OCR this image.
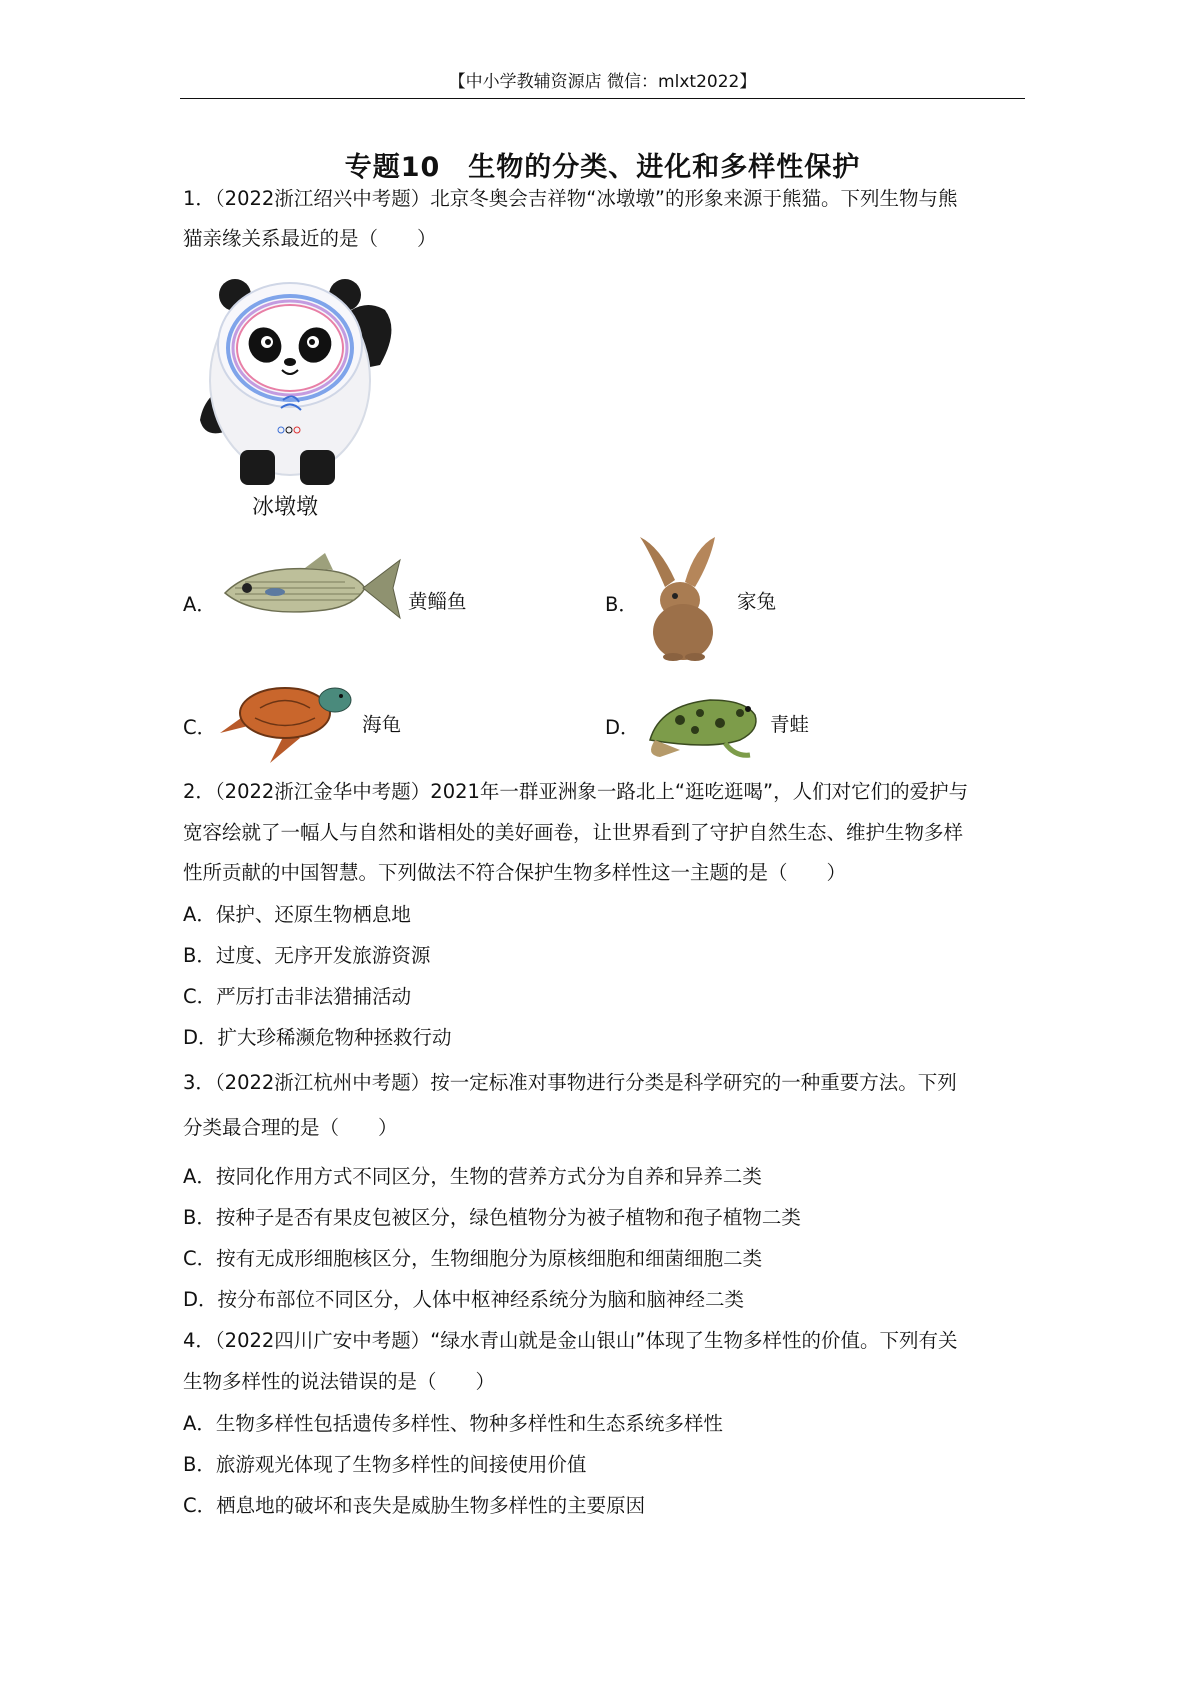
【中小学教辅资源店 微信：mlxt2022】
专题10　生物的分类、进化和多样性保护
1．（2022浙江绍兴中考题）北京冬奥会吉祥物“冰墩墩”的形象来源于熊猫。下列生物与熊
猫亲缘关系最近的是（　　）
冰墩墩
A．	黄鲻鱼	B．	家兔
C．	海龟	D．	青蛙
2．（2022浙江金华中考题）2021年一群亚洲象一路北上“逛吃逛喝”，人们对它们的爱护与
宽容绘就了一幅人与自然和谐相处的美好画卷，让世界看到了守护自然生态、维护生物多样
性所贡献的中国智慧。下列做法不符合保护生物多样性这一主题的是（　　）
A．保护、还原生物栖息地
B．过度、无序开发旅游资源
C．严厉打击非法猎捕活动
D．扩大珍稀濒危物种拯救行动
3．（2022浙江杭州中考题）按一定标准对事物进行分类是科学研究的一种重要方法。下列
分类最合理的是（　　）
A．按同化作用方式不同区分，生物的营养方式分为自养和异养二类
B．按种子是否有果皮包被区分，绿色植物分为被子植物和孢子植物二类
C．按有无成形细胞核区分，生物细胞分为原核细胞和细菌细胞二类
D．按分布部位不同区分，人体中枢神经系统分为脑和脑神经二类
4．（2022四川广安中考题）“绿水青山就是金山银山”体现了生物多样性的价值。下列有关
生物多样性的说法错误的是（　　）
A．生物多样性包括遗传多样性、物种多样性和生态系统多样性
B．旅游观光体现了生物多样性的间接使用价值
C．栖息地的破坏和丧失是威胁生物多样性的主要原因
